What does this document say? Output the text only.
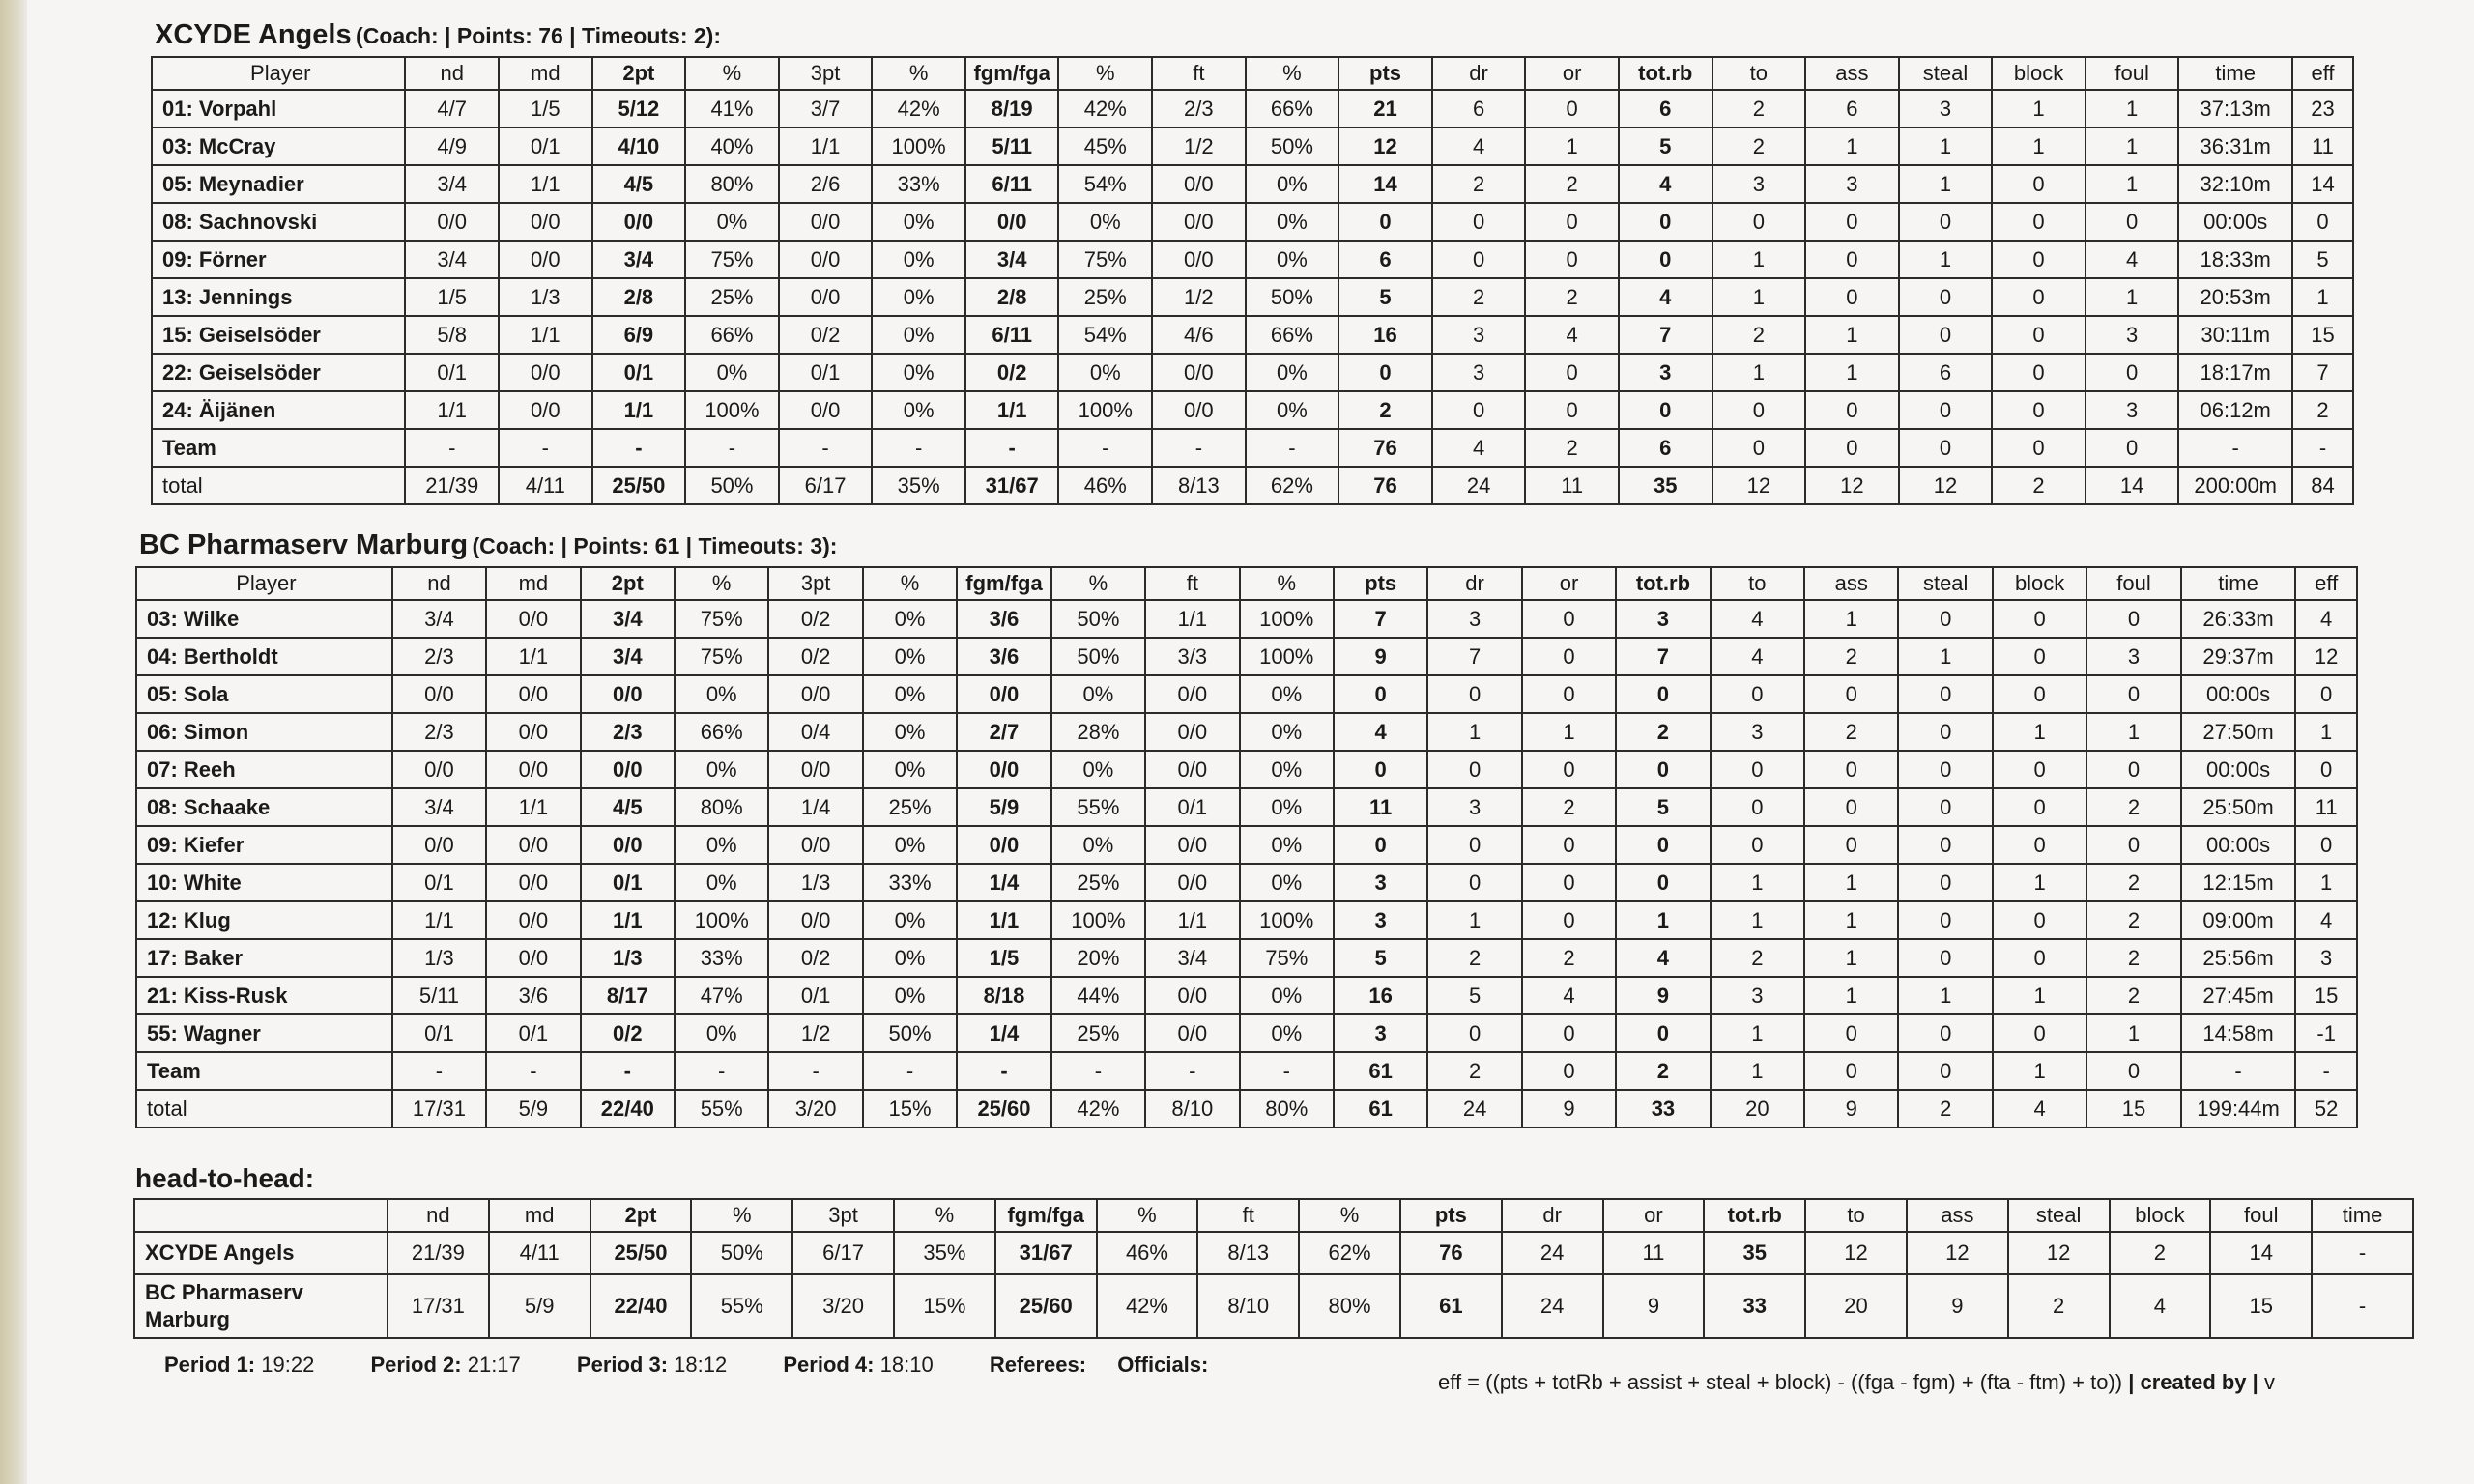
XCYDE Angels (Coach: | Points: 76 | Timeouts: 2):
Player	nd	md	2pt	%	3pt	%	fgm/fga	%	ft	%	pts	dr	or	tot.rb	to	ass	steal	block	foul	time	eff
01: Vorpahl	4/7	1/5	5/12	41%	3/7	42%	8/19	42%	2/3	66%	21	6	0	6	2	6	3	1	1	37:13m	23
03: McCray	4/9	0/1	4/10	40%	1/1	100%	5/11	45%	1/2	50%	12	4	1	5	2	1	1	1	1	36:31m	11
05: Meynadier	3/4	1/1	4/5	80%	2/6	33%	6/11	54%	0/0	0%	14	2	2	4	3	3	1	0	1	32:10m	14
08: Sachnovski	0/0	0/0	0/0	0%	0/0	0%	0/0	0%	0/0	0%	0	0	0	0	0	0	0	0	0	00:00s	0
09: Förner	3/4	0/0	3/4	75%	0/0	0%	3/4	75%	0/0	0%	6	0	0	0	1	0	1	0	4	18:33m	5
13: Jennings	1/5	1/3	2/8	25%	0/0	0%	2/8	25%	1/2	50%	5	2	2	4	1	0	0	0	1	20:53m	1
15: Geiselsöder	5/8	1/1	6/9	66%	0/2	0%	6/11	54%	4/6	66%	16	3	4	7	2	1	0	0	3	30:11m	15
22: Geiselsöder	0/1	0/0	0/1	0%	0/1	0%	0/2	0%	0/0	0%	0	3	0	3	1	1	6	0	0	18:17m	7
24: Äijänen	1/1	0/0	1/1	100%	0/0	0%	1/1	100%	0/0	0%	2	0	0	0	0	0	0	0	3	06:12m	2
Team	-	-	-	-	-	-	-	-	-	-	76	4	2	6	0	0	0	0	0	-	-
total	21/39	4/11	25/50	50%	6/17	35%	31/67	46%	8/13	62%	76	24	11	35	12	12	12	2	14	200:00m	84
BC Pharmaserv Marburg (Coach: | Points: 61 | Timeouts: 3):
Player	nd	md	2pt	%	3pt	%	fgm/fga	%	ft	%	pts	dr	or	tot.rb	to	ass	steal	block	foul	time	eff
03: Wilke	3/4	0/0	3/4	75%	0/2	0%	3/6	50%	1/1	100%	7	3	0	3	4	1	0	0	0	26:33m	4
04: Bertholdt	2/3	1/1	3/4	75%	0/2	0%	3/6	50%	3/3	100%	9	7	0	7	4	2	1	0	3	29:37m	12
05: Sola	0/0	0/0	0/0	0%	0/0	0%	0/0	0%	0/0	0%	0	0	0	0	0	0	0	0	0	00:00s	0
06: Simon	2/3	0/0	2/3	66%	0/4	0%	2/7	28%	0/0	0%	4	1	1	2	3	2	0	1	1	27:50m	1
07: Reeh	0/0	0/0	0/0	0%	0/0	0%	0/0	0%	0/0	0%	0	0	0	0	0	0	0	0	0	00:00s	0
08: Schaake	3/4	1/1	4/5	80%	1/4	25%	5/9	55%	0/1	0%	11	3	2	5	0	0	0	0	2	25:50m	11
09: Kiefer	0/0	0/0	0/0	0%	0/0	0%	0/0	0%	0/0	0%	0	0	0	0	0	0	0	0	0	00:00s	0
10: White	0/1	0/0	0/1	0%	1/3	33%	1/4	25%	0/0	0%	3	0	0	0	1	1	0	1	2	12:15m	1
12: Klug	1/1	0/0	1/1	100%	0/0	0%	1/1	100%	1/1	100%	3	1	0	1	1	1	0	0	2	09:00m	4
17: Baker	1/3	0/0	1/3	33%	0/2	0%	1/5	20%	3/4	75%	5	2	2	4	2	1	0	0	2	25:56m	3
21: Kiss-Rusk	5/11	3/6	8/17	47%	0/1	0%	8/18	44%	0/0	0%	16	5	4	9	3	1	1	1	2	27:45m	15
55: Wagner	0/1	0/1	0/2	0%	1/2	50%	1/4	25%	0/0	0%	3	0	0	0	1	0	0	0	1	14:58m	-1
Team	-	-	-	-	-	-	-	-	-	-	61	2	0	2	1	0	0	1	0	-	-
total	17/31	5/9	22/40	55%	3/20	15%	25/60	42%	8/10	80%	61	24	9	33	20	9	2	4	15	199:44m	52
head-to-head:
	nd	md	2pt	%	3pt	%	fgm/fga	%	ft	%	pts	dr	or	tot.rb	to	ass	steal	block	foul	time
XCYDE Angels	21/39	4/11	25/50	50%	6/17	35%	31/67	46%	8/13	62%	76	24	11	35	12	12	12	2	14	-
BC Pharmaserv Marburg	17/31	5/9	22/40	55%	3/20	15%	25/60	42%	8/10	80%	61	24	9	33	20	9	2	4	15	-
Period 1: 19:22	Period 2: 21:17	Period 3: 18:12	Period 4: 18:10	Referees: Officials:
eff = ((pts + totRb + assist + steal + block) - ((fga - fgm) + (fta - ftm) + to)) | created by | v
